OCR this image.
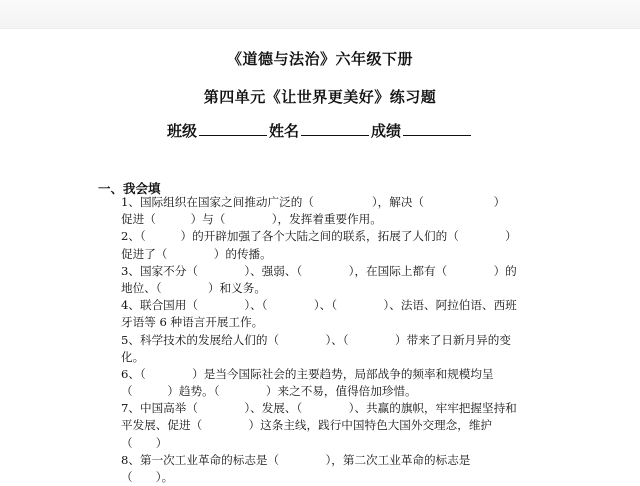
《道德与法治》六年级下册
第四单元《让世界更美好》练习题
班级	姓名	成绩
一、我会填
1、国际组织在国家之间推动广泛的（　　　　　），解决（　　　　　　）
促进（　　　）与（　　　　），发挥着重要作用。
2、（　　　）的开辟加强了各个大陆之间的联系，拓展了人们的（　　　　）
促进了（　　　　）的传播。
3、国家不分（　　　　）、强弱、（　　　　），在国际上都有（　　　　）的
地位、（　　　　）和义务。
4、联合国用（　　　　）、（　　　　）、（　　　　）、法语、阿拉伯语、西班
牙语等 6 种语言开展工作。
5、科学技术的发展给人们的（　　　　）、（　　　　）带来了日新月异的变
化。
6、（　　　　）是当今国际社会的主要趋势，局部战争的频率和规模均呈
（　　　）趋势。（　　　　）来之不易，值得倍加珍惜。
7、中国高举（　　　　）、发展、（　　　　）、共赢的旗帜，牢牢把握坚持和
平发展、促进（　　　　）这条主线，践行中国特色大国外交理念，维护
（　　）
8、第一次工业革命的标志是（　　　　），第二次工业革命的标志是
（　　）。
